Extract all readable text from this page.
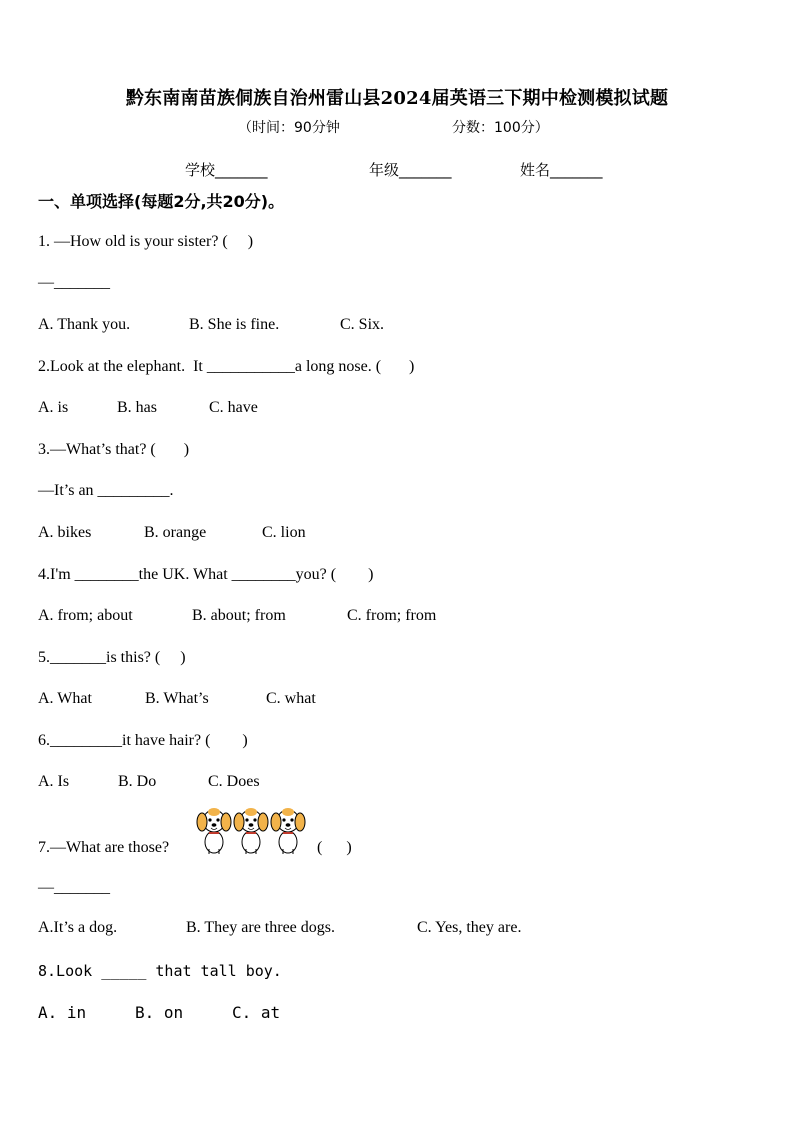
黔东南南苗族侗族自治州雷山县2024届英语三下期中检测模拟试题
（时间：90分钟	分数：100分）
学校_______	年级_______	姓名_______
一、单项选择(每题2分,共20分)。
1. —How old is your sister? (     )
—_______
A. Thank you.	B. She is fine.	C. Six.
2.Look at the elephant.  It ___________a long nose. (       )
A. is	B. has	C. have
3.—What’s that? (       )
—It’s an _________.
A. bikes	B. orange	C. lion
4.I'm ________the UK. What ________you? (        )
A. from; about	B. about; from	C. from; from
5._______is this? (     )
A. What	B. What’s	C. what
6._________it have hair? (        )
A. Is	B. Do	C. Does
7.—What are those?	(      )
—_______
A.It’s a dog.	B. They are three dogs.	C. Yes, they are.
8.Look _____ that tall boy.
A. in	B. on	C. at
